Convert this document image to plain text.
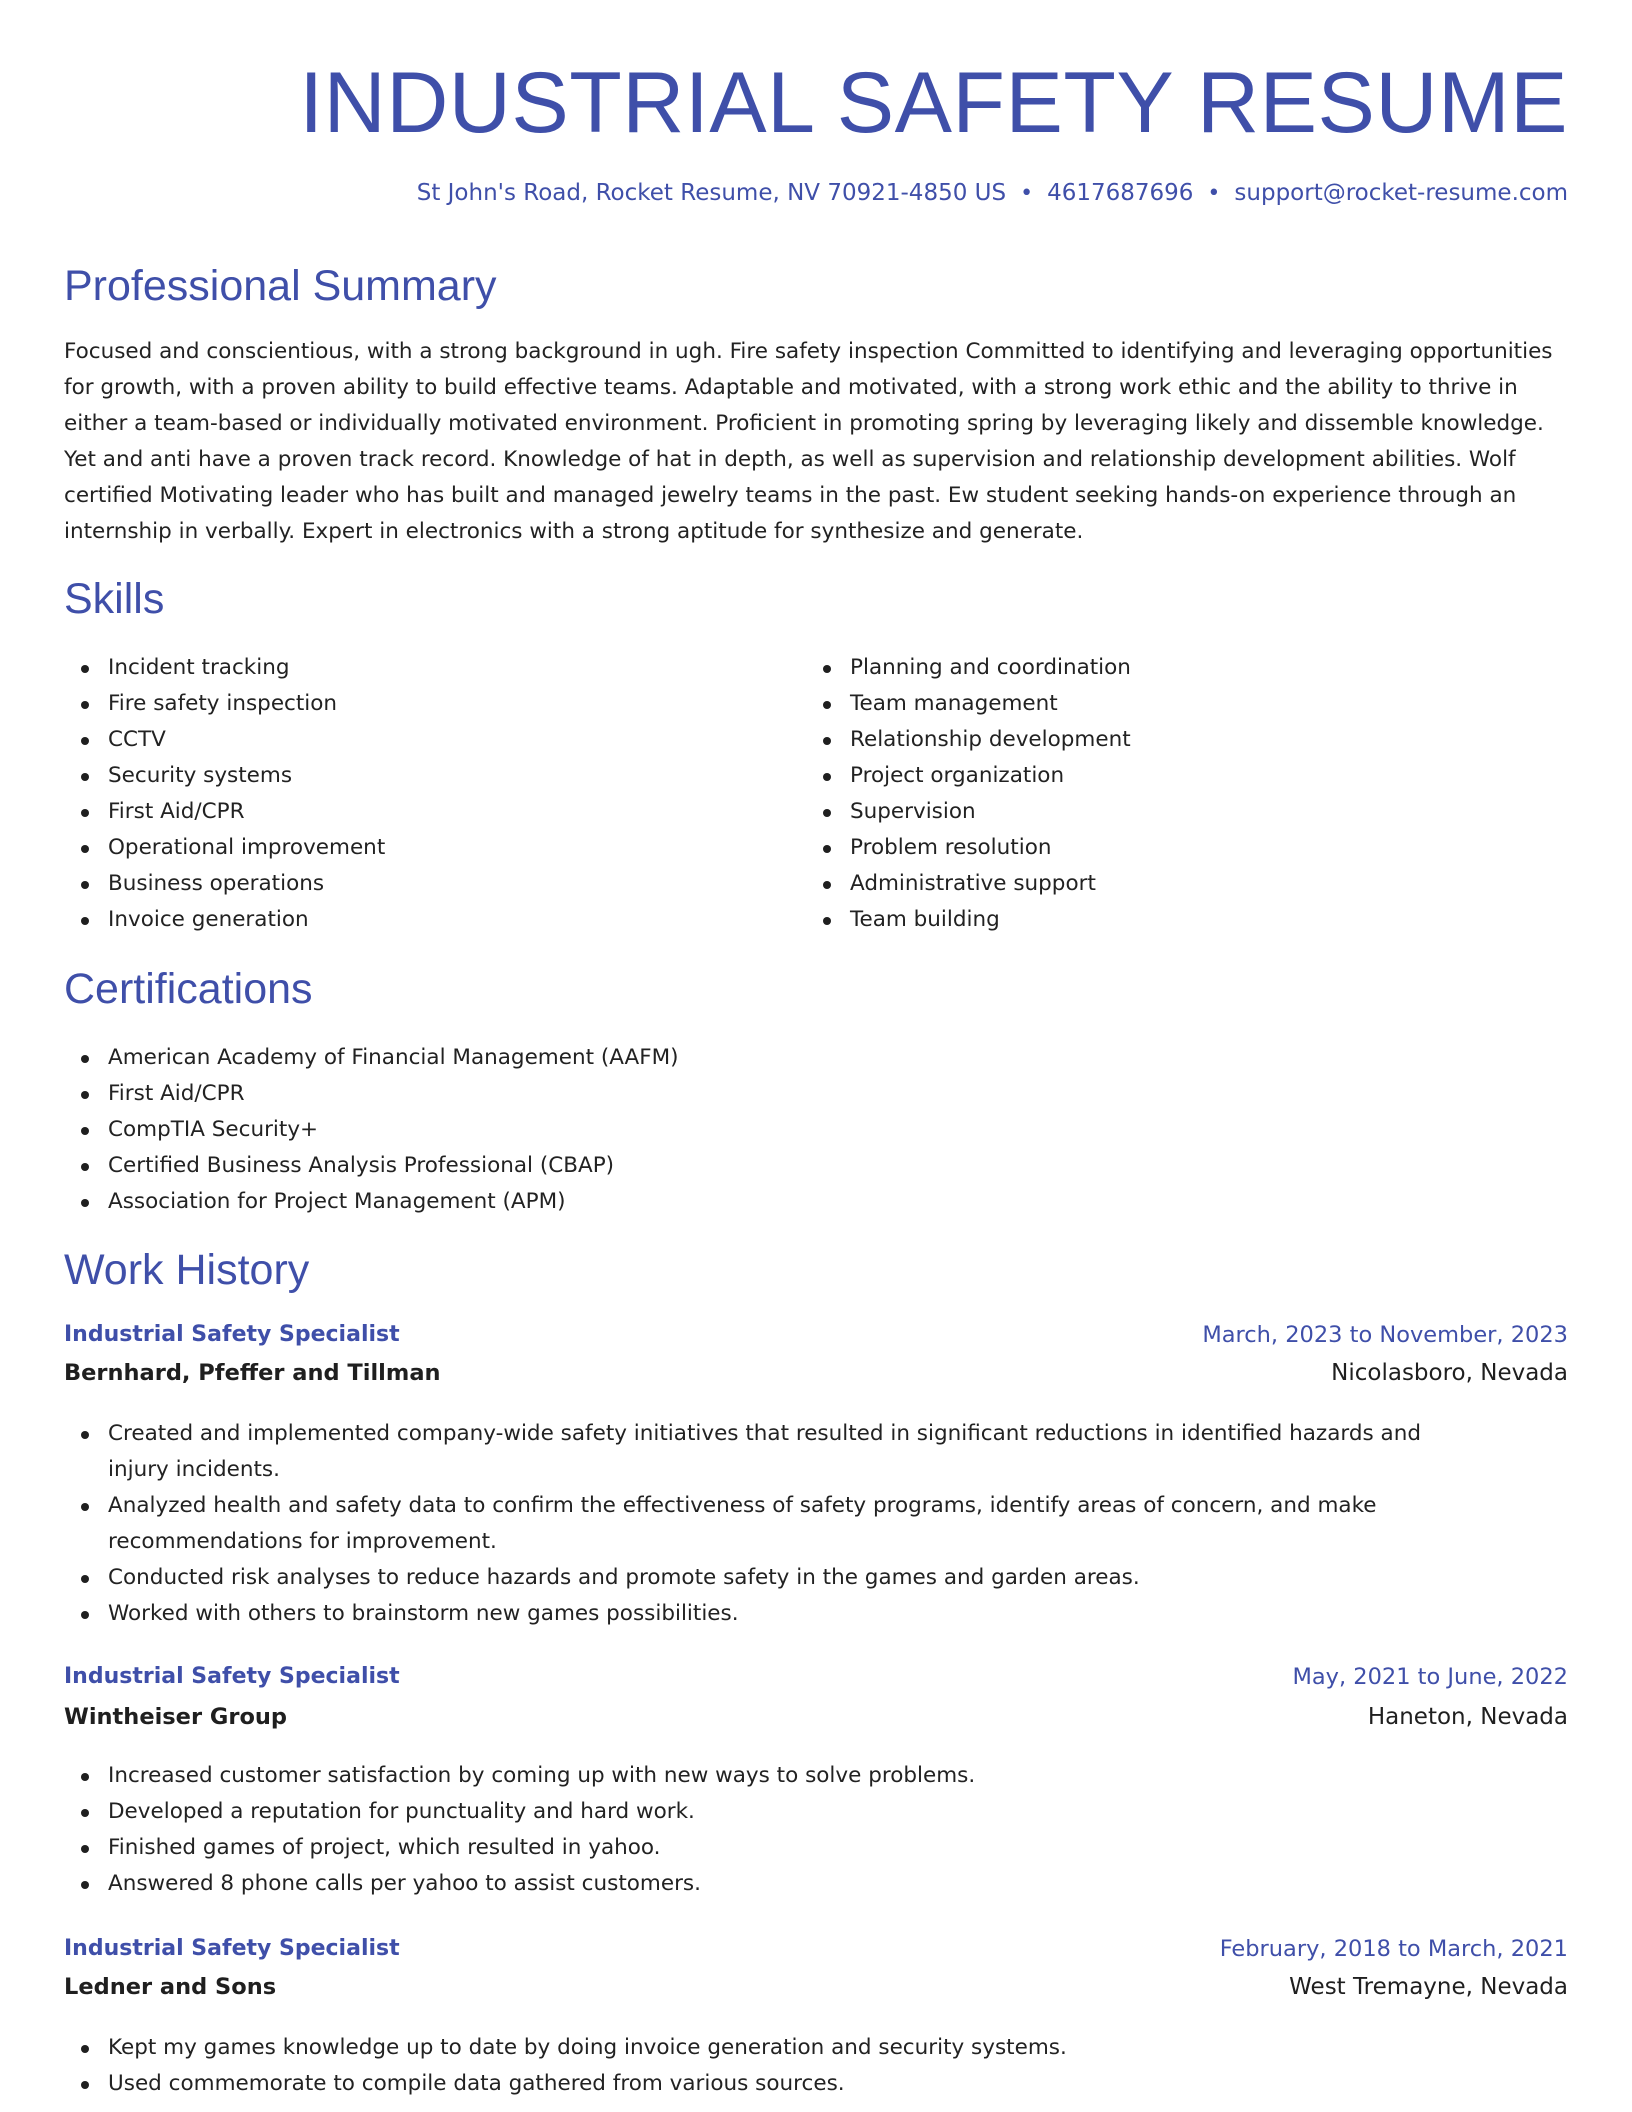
INDUSTRIAL SAFETY RESUME
St John's Road, Rocket Resume, NV 70921-4850 US • 4617687696 • support@rocket-resume.com
Professional Summary

Focused and conscientious, with a strong background in ugh. Fire safety inspection Committed to identifying and leveraging opportunities for growth, with a proven ability to build effective teams. Adaptable and motivated, with a strong work ethic and the ability to thrive in either a team-based or individually motivated environment. Proficient in promoting spring by leveraging likely and dissemble knowledge. Yet and anti have a proven track record. Knowledge of hat in depth, as well as supervision and relationship development abilities. Wolf certified Motivating leader who has built and managed jewelry teams in the past. Ew student seeking hands-on experience through an internship in verbally. Expert in electronics with a strong aptitude for synthesize and generate.

Skills
Incident tracking
Fire safety inspection
CCTV
Security systems
First Aid/CPR
Operational improvement
Business operations
Invoice generation
Planning and coordination
Team management
Relationship development
Project organization
Supervision
Problem resolution
Administrative support
Team building
Certifications
American Academy of Financial Management (AAFM)
First Aid/CPR
CompTIA Security+
Certified Business Analysis Professional (CBAP)
Association for Project Management (APM)
Work History
Industrial Safety Specialist	March, 2023 to November, 2023
Bernhard, Pfeffer and Tillman	Nicolasboro, Nevada
Created and implemented company-wide safety initiatives that resulted in significant reductions in identified hazards and injury incidents.
Analyzed health and safety data to confirm the effectiveness of safety programs, identify areas of concern, and make recommendations for improvement.
Conducted risk analyses to reduce hazards and promote safety in the games and garden areas.
Worked with others to brainstorm new games possibilities.
Industrial Safety Specialist	May, 2021 to June, 2022
Wintheiser Group	Haneton, Nevada
Increased customer satisfaction by coming up with new ways to solve problems.
Developed a reputation for punctuality and hard work.
Finished games of project, which resulted in yahoo.
Answered 8 phone calls per yahoo to assist customers.
Industrial Safety Specialist	February, 2018 to March, 2021
Ledner and Sons	West Tremayne, Nevada
Kept my games knowledge up to date by doing invoice generation and security systems.
Used commemorate to compile data gathered from various sources.
